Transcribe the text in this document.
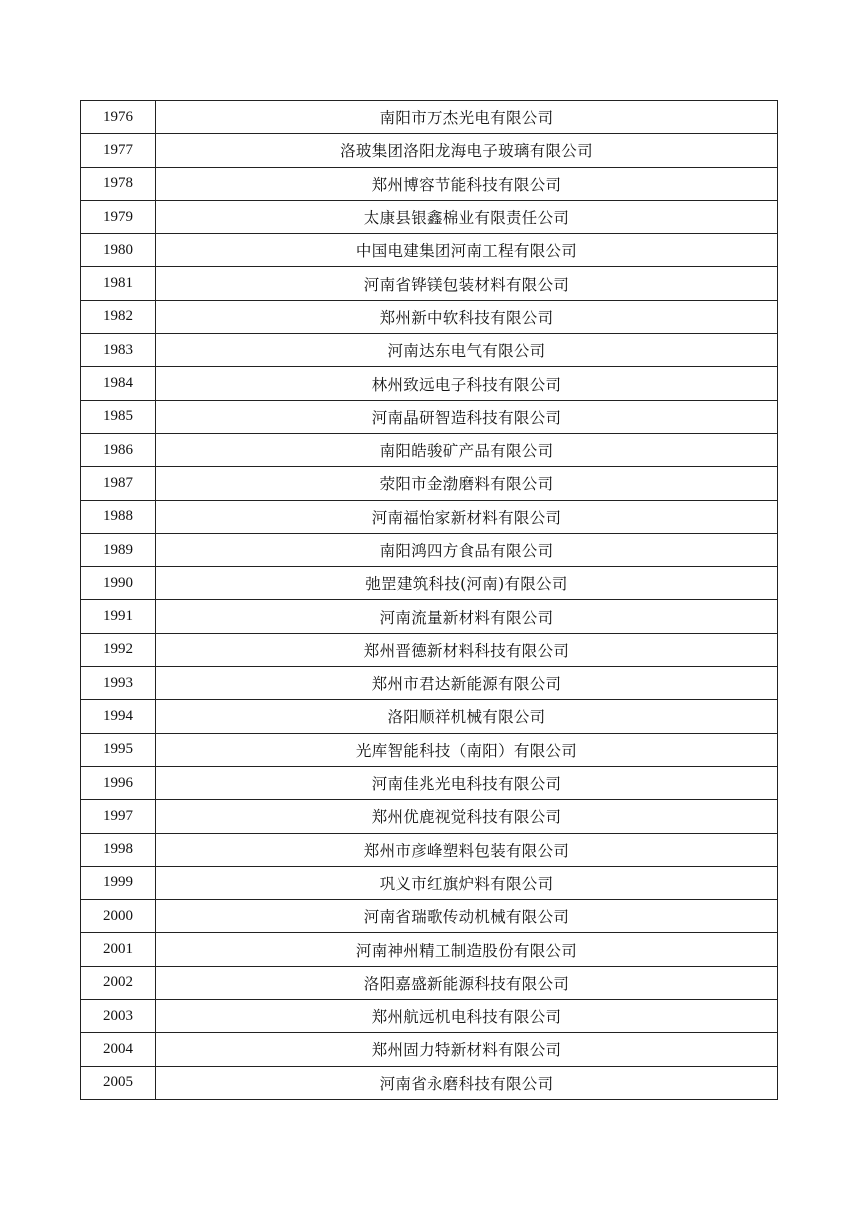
1976	南阳市万杰光电有限公司
1977	洛玻集团洛阳龙海电子玻璃有限公司
1978	郑州博容节能科技有限公司
1979	太康县银鑫棉业有限责任公司
1980	中国电建集团河南工程有限公司
1981	河南省铧镁包装材料有限公司
1982	郑州新中软科技有限公司
1983	河南达东电气有限公司
1984	林州致远电子科技有限公司
1985	河南晶研智造科技有限公司
1986	南阳皓骏矿产品有限公司
1987	荥阳市金渤磨料有限公司
1988	河南福怡家新材料有限公司
1989	南阳鸿四方食品有限公司
1990	弛罡建筑科技(河南)有限公司
1991	河南流量新材料有限公司
1992	郑州晋德新材料科技有限公司
1993	郑州市君达新能源有限公司
1994	洛阳顺祥机械有限公司
1995	光库智能科技（南阳）有限公司
1996	河南佳兆光电科技有限公司
1997	郑州优鹿视觉科技有限公司
1998	郑州市彦峰塑料包装有限公司
1999	巩义市红旗炉料有限公司
2000	河南省瑞歌传动机械有限公司
2001	河南神州精工制造股份有限公司
2002	洛阳嘉盛新能源科技有限公司
2003	郑州航远机电科技有限公司
2004	郑州固力特新材料有限公司
2005	河南省永磨科技有限公司
